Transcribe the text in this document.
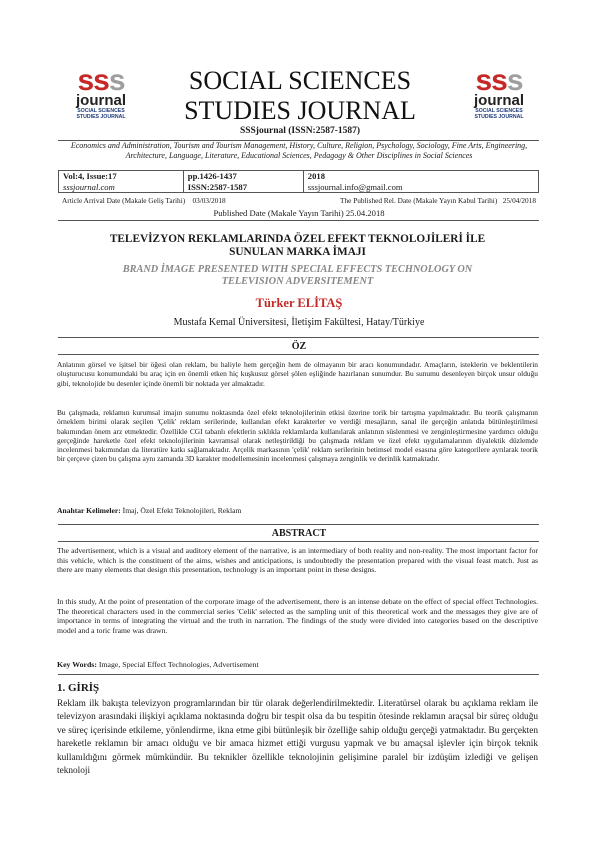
sss
journal
SOCIAL SCIENCES
STUDIES JOURNAL
SOCIAL SCIENCES
STUDIES JOURNAL
SSSjournal (ISSN:2587-1587)
sss
journal
SOCIAL SCIENCES
STUDIES JOURNAL
Economics and Administration, Tourism and Tourism Management, History, Culture, Religion, Psychology, Sociology, Fine Arts, Engineering, Architecture, Language, Literature, Educational Sciences, Pedagogy & Other Disciplines in Social Sciences
Vol:4, Issue:17
sssjournal.com

pp.1426-1437
ISSN:2587-1587

2018
sssjournal.info@gmail.com
Article Arrival Date (Makale Geliş Tarihi) 03/03/2018	The Published Rel. Date (Makale Yayın Kabul Tarihi) 25/04/2018
Published Date (Makale Yayın Tarihi) 25.04.2018
TELEVİZYON REKLAMLARINDA ÖZEL EFEKT TEKNOLOJİLERİ İLE SUNULAN MARKA İMAJI
BRAND İMAGE PRESENTED WITH SPECIAL EFFECTS TECHNOLOGY ON TELEVISION ADVERSITEMENT
Türker ELİTAŞ
Mustafa Kemal Üniversitesi, İletişim Fakültesi, Hatay/Türkiye
ÖZ
Anlatının görsel ve işitsel bir öğesi olan reklam, bu haliyle hem gerçeğin hem de olmayanın bir aracı konumundadır. Amaçların, isteklerin ve beklentilerin oluşturucusu konumundaki bu araç için en önemli etken hiç kuşkusuz görsel şölen eşliğinde hazırlanan sunumdur. Bu sunumu desenleyen birçok unsur olduğu gibi, teknolojide bu desenler içinde önemli bir noktada yer almaktadır.
Bu çalışmada, reklamın kurumsal imajın sunumu noktasında özel efekt teknolojilerinin etkisi üzerine torik bir tartışma yapılmaktadır. Bu teorik çalışmanın örneklem birimi olarak seçilen 'Çelik' reklam serilerinde, kullanılan efekt karakterler ve verdiği mesajların, sanal ile gerçeğin anlatıda bütünleştirilmesi bakımından önem arz etmektedir. Özellikle CGI tabanlı efektlerin sıklıkla reklamlarda kullanılarak anlatının süslenmesi ve zenginleştirmesine yardımcı olduğu gerçeğinde hareketle özel efekt teknolojilerinin kavramsal olarak netleştirildiği bu çalışmada reklam ve özel efekt uygulamalarının diyalektik düzlemde incelenmesi bakımından da literatüre katkı sağlamaktadır. Arçelik markasının 'çelik' reklam serilerinin betimsel model esasına göre kategorilere ayrılarak teorik bir çerçeve çizen bu çalışma aynı zamanda 3D karakter modellemesinin incelenmesi çalışmaya zenginlik ve derinlik katmaktadır.
Anahtar Kelimeler: İmaj, Özel Efekt Teknolojileri, Reklam
ABSTRACT
The advertisement, which is a visual and auditory element of the narrative, is an intermediary of both reality and non-reality. The most important factor for this vehicle, which is the constituent of the aims, wishes and anticipations, is undoubtedly the presentation prepared with the visual feast match. Just as there are many elements that design this presentation, technology is an important point in these designs.
In this study, At the point of presentation of the corporate image of the advertisement, there is an intense debate on the effect of special effect Technologies. The theoretical characters used in the commercial series 'Celik' selected as the sampling unit of this theoretical work and the messages they give are of importance in terms of integrating the virtual and the truth in narration. The findings of the study were divided into categories based on the descriptive model and a toric frame was drawn.
Key Words: Image, Special Effect Technologies, Advertisement
1. GİRİŞ
Reklam ilk bakışta televizyon programlarından bir tür olarak değerlendirilmektedir. Literatürsel olarak bu açıklama reklam ile televizyon arasındaki ilişkiyi açıklama noktasında doğru bir tespit olsa da bu tespitin ötesinde reklamın araçsal bir süreç olduğu ve süreç içerisinde etkileme, yönlendirme, ikna etme gibi bütünleşik bir özelliğe sahip olduğu gerçeği yatmaktadır. Bu gerçekten hareketle reklamın bir amacı olduğu ve bir amaca hizmet ettiği vurgusu yapmak ve bu amaçsal işlevler için birçok teknik kullanıldığını görmek mümkündür. Bu teknikler özellikle teknolojinin gelişimine paralel bir izdüşüm izlediği ve gelişen teknoloji
